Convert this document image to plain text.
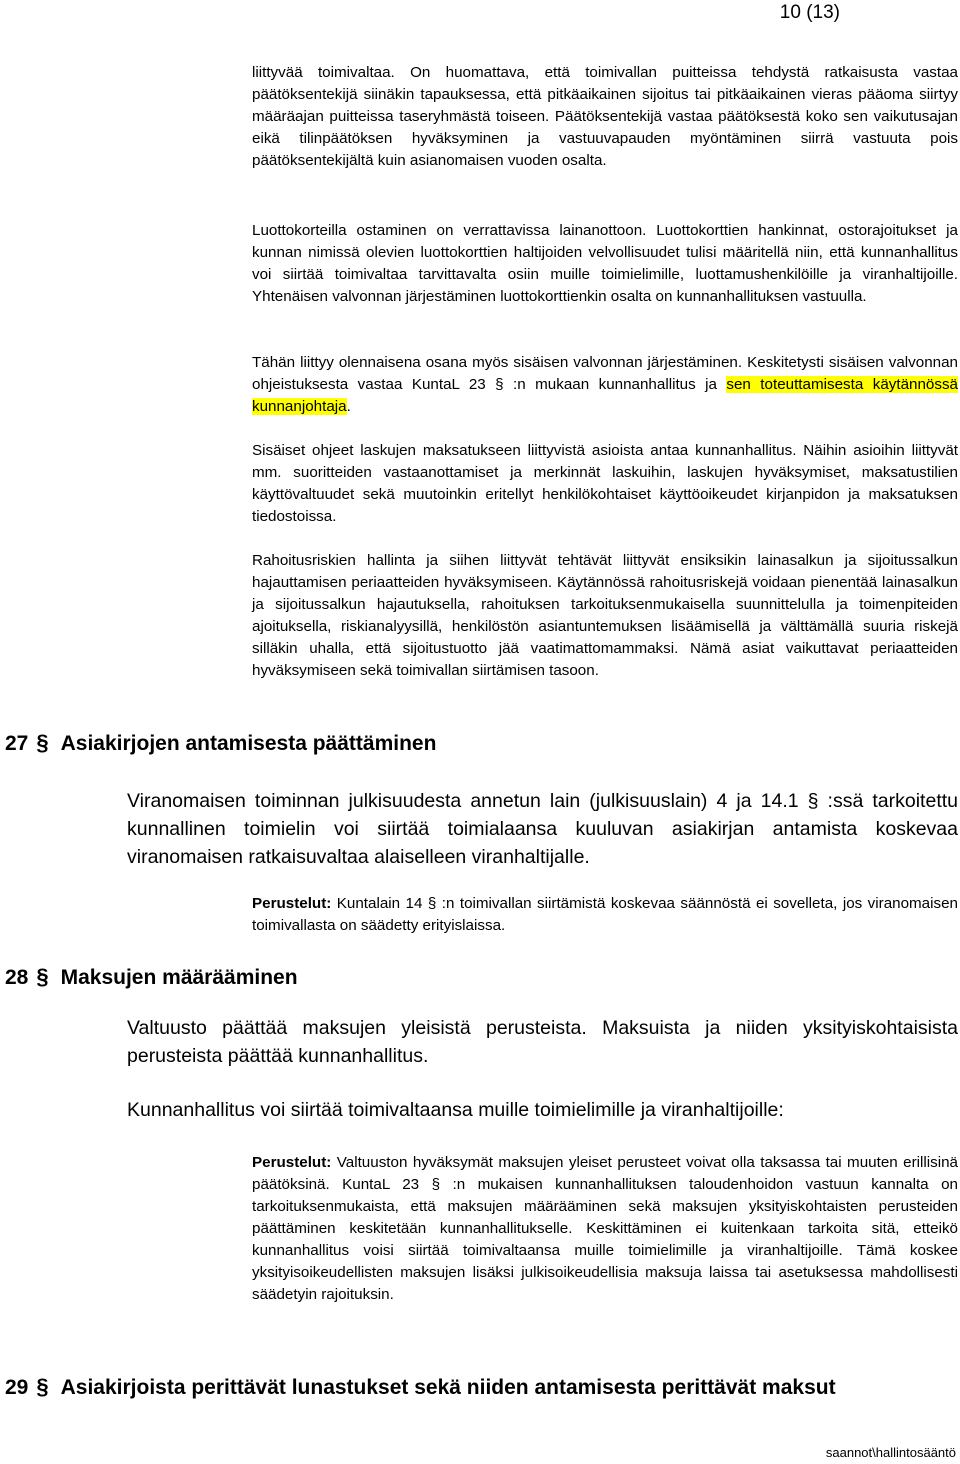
10 (13)

liittyvää toimivaltaa. On huomattava, että toimivallan puitteissa tehdystä ratkaisusta vastaa päätöksentekijä siinäkin tapauksessa, että pitkäaikainen sijoitus tai pitkäaikainen vieras pääoma siirtyy määräajan puitteissa taseryhmästä toiseen. Päätöksentekijä vastaa päätöksestä koko sen vaikutusajan eikä tilinpäätöksen hyväksyminen ja vastuuvapauden myöntäminen siirrä vastuuta pois päätöksentekijältä kuin asianomaisen vuoden osalta.

Luottokorteilla ostaminen on verrattavissa lainanottoon. Luottokorttien hankinnat, ostorajoitukset ja kunnan nimissä olevien luottokorttien haltijoiden velvollisuudet tulisi määritellä niin, että kunnanhallitus voi siirtää toimivaltaa tarvittavalta osiin muille toimielimille, luottamushenkilöille ja viranhaltijoille. Yhtenäisen valvonnan järjestäminen luottokorttienkin osalta on kunnanhallituksen vastuulla.

Tähän liittyy olennaisena osana myös sisäisen valvonnan järjestäminen. Keskitetysti sisäisen valvonnan ohjeistuksesta vastaa KuntaL 23 § :n mukaan kunnanhallitus ja sen toteuttamisesta käytännössä kunnanjohtaja.

Sisäiset ohjeet laskujen maksatukseen liittyvistä asioista antaa kunnanhallitus. Näihin asioihin liittyvät mm. suoritteiden vastaanottamiset ja merkinnät laskuihin, laskujen hyväksymiset, maksatustilien käyttövaltuudet sekä muutoinkin eritellyt henkilökohtaiset käyttöoikeudet kirjanpidon ja maksatuksen tiedostoissa.

Rahoitusriskien hallinta ja siihen liittyvät tehtävät liittyvät ensiksikin lainasalkun ja sijoitussalkun hajauttamisen periaatteiden hyväksymiseen. Käytännössä rahoitusriskejä voidaan pienentää lainasalkun ja sijoitussalkun hajautuksella, rahoituksen tarkoituksenmukaisella suunnittelulla ja toimenpiteiden ajoituksella, riskianalyysillä, henkilöstön asiantuntemuksen lisäämisellä ja välttämällä suuria riskejä silläkin uhalla, että sijoitustuotto jää vaatimattomammaksi. Nämä asiat vaikuttavat periaatteiden hyväksymiseen sekä toimivallan siirtämisen tasoon.

27 § Asiakirjojen antamisesta päättäminen

Viranomaisen toiminnan julkisuudesta annetun lain (julkisuuslain) 4 ja 14.1 § :ssä tarkoitettu kunnallinen toimielin voi siirtää toimialaansa kuuluvan asiakirjan antamista koskevaa viranomaisen ratkaisuvaltaa alaiselleen viranhaltijalle.

Perustelut: Kuntalain 14 § :n toimivallan siirtämistä koskevaa säännöstä ei sovelleta, jos viranomaisen toimivallasta on säädetty erityislaissa.

28 § Maksujen määrääminen

Valtuusto päättää maksujen yleisistä perusteista. Maksuista ja niiden yksityiskohtaisista perusteista päättää kunnanhallitus.

Kunnanhallitus voi siirtää toimivaltaansa muille toimielimille ja viranhaltijoille:

Perustelut: Valtuuston hyväksymät maksujen yleiset perusteet voivat olla taksassa tai muuten erillisinä päätöksinä. KuntaL 23 § :n mukaisen kunnanhallituksen taloudenhoidon vastuun kannalta on tarkoituksenmukaista, että maksujen määrääminen sekä maksujen yksityiskohtaisten perusteiden päättäminen keskitetään kunnanhallitukselle. Keskittäminen ei kuitenkaan tarkoita sitä, etteikö kunnanhallitus voisi siirtää toimivaltaansa muille toimielimille ja viranhaltijoille. Tämä koskee yksityisoikeudellisten maksujen lisäksi julkisoikeudellisia maksuja laissa tai asetuksessa mahdollisesti säädetyin rajoituksin.

29 § Asiakirjoista perittävät lunastukset sekä niiden antamisesta perittävät maksut
saannot\hallintosääntö
